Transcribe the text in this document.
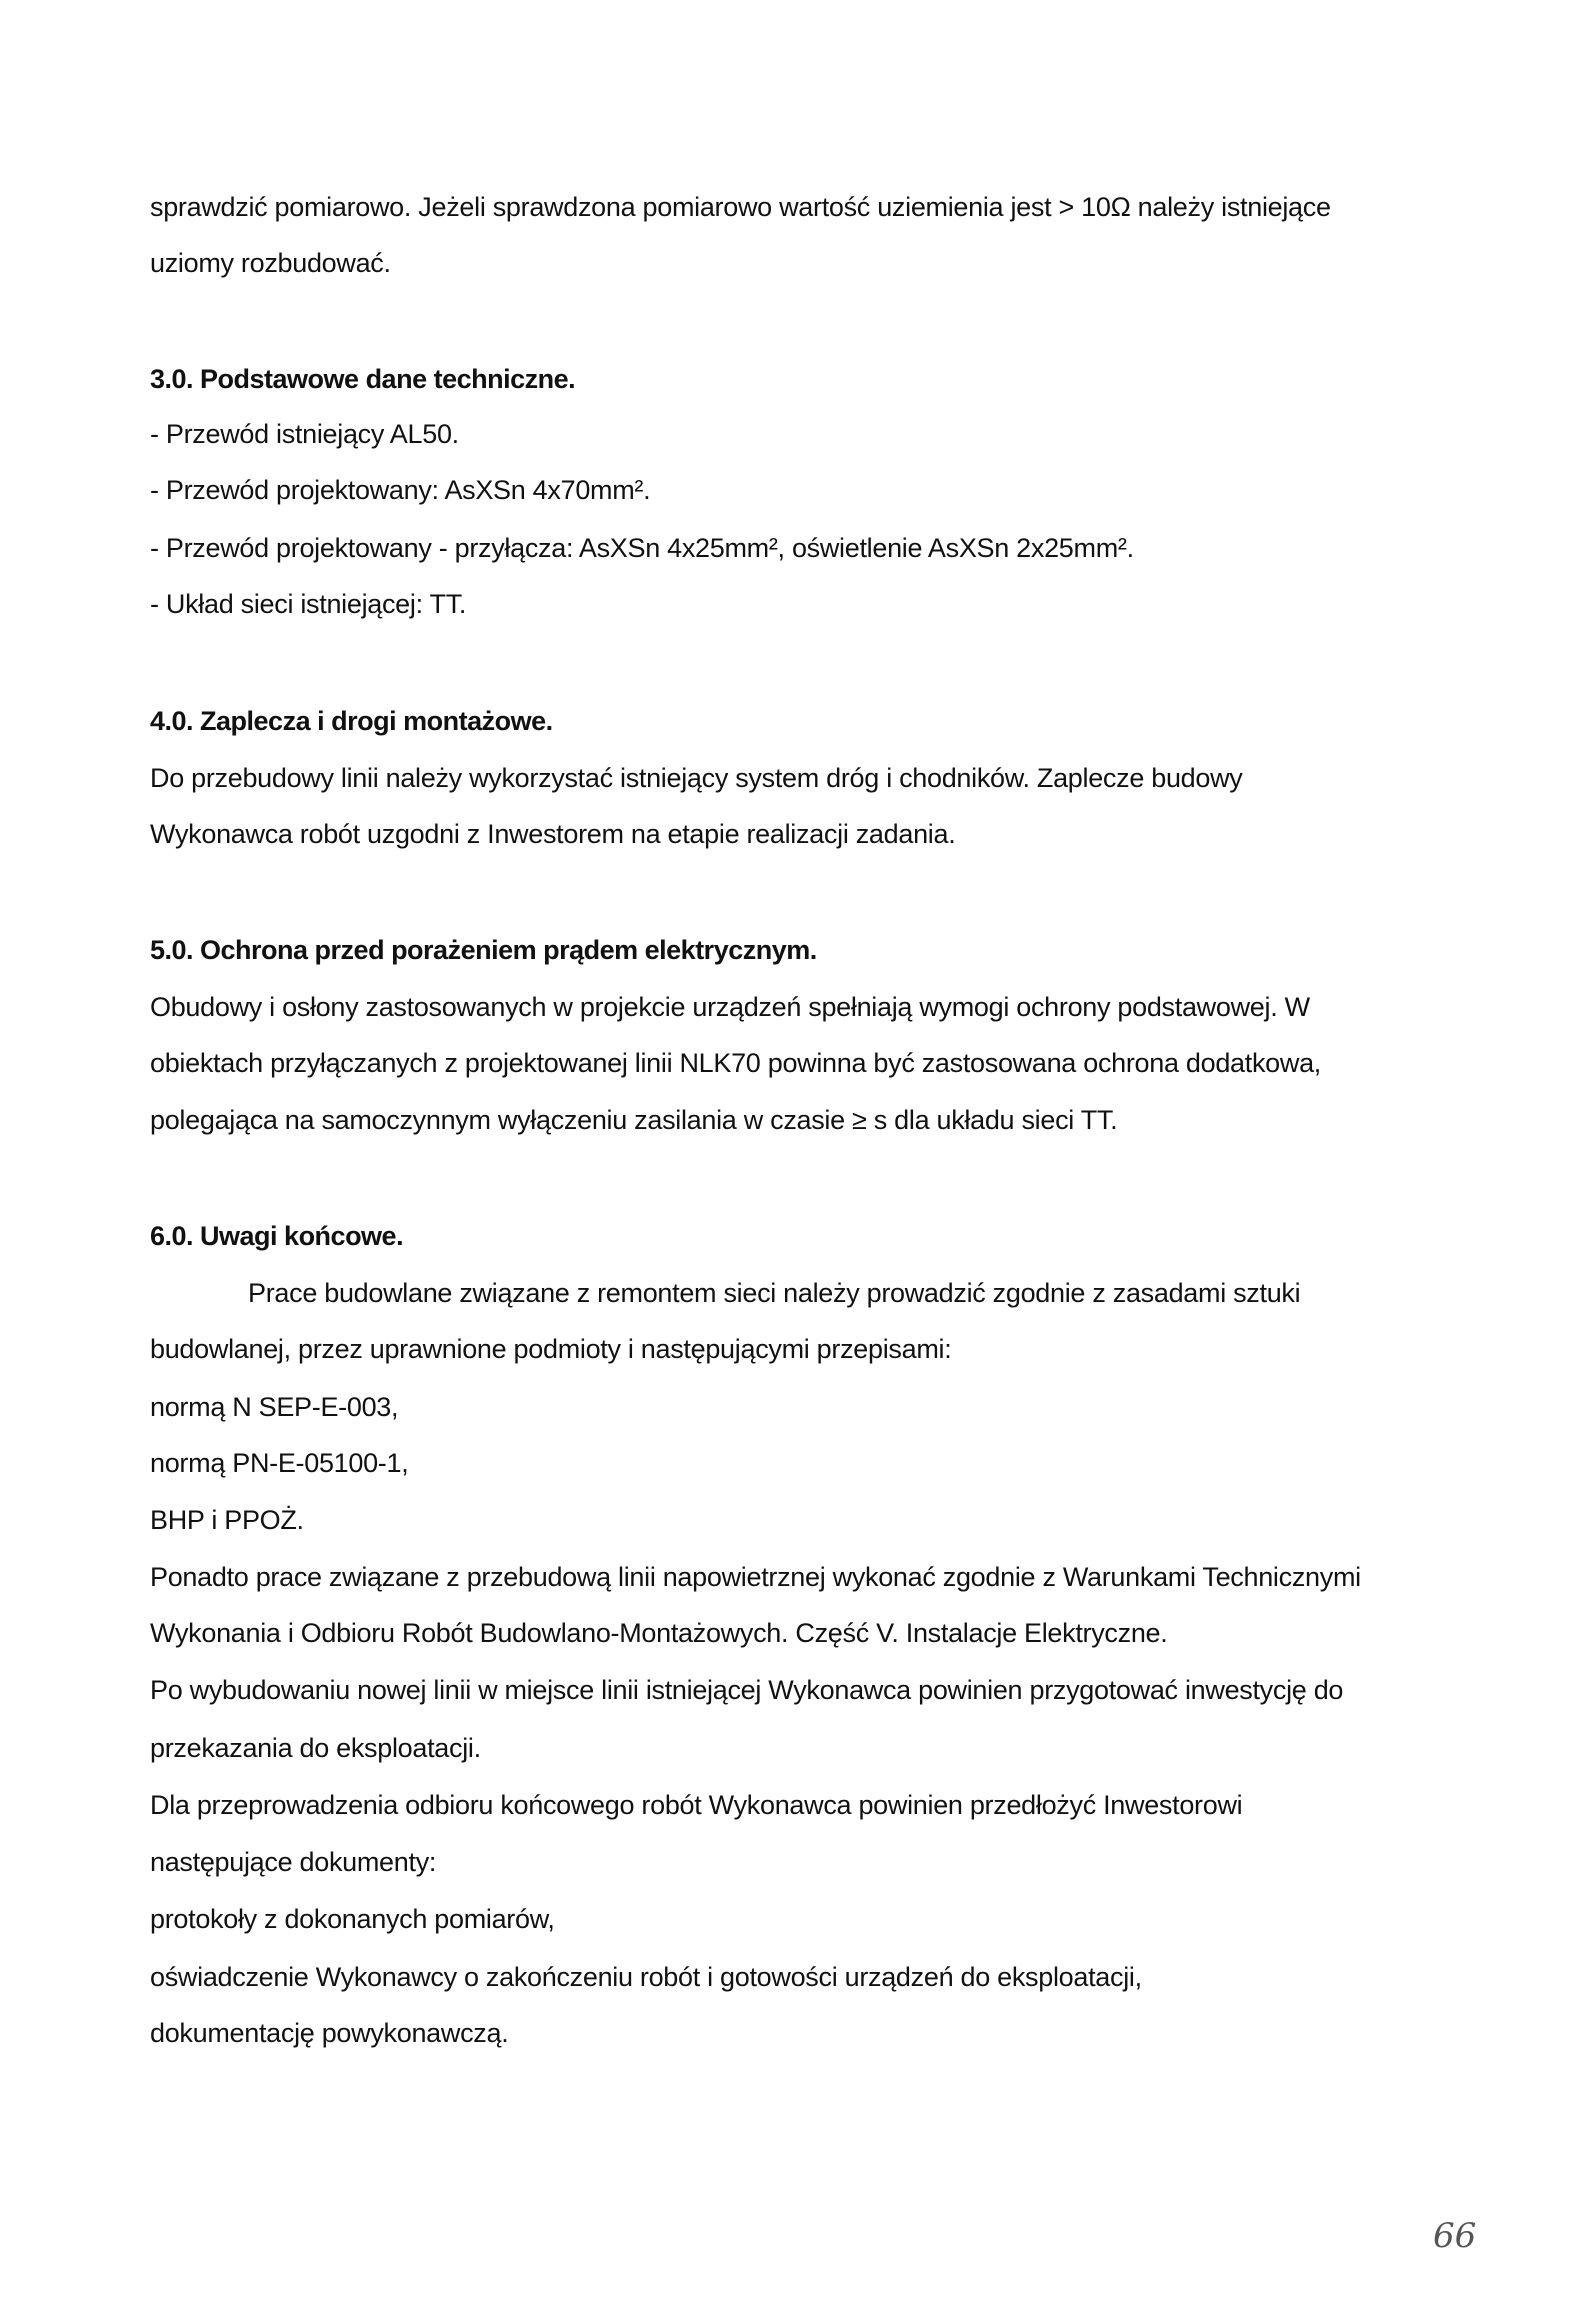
sprawdzić pomiarowo. Jeżeli sprawdzona pomiarowo wartość uziemienia jest > 10Ω należy istniejące

uziomy rozbudować.

3.0. Podstawowe dane techniczne.

- Przewód istniejący AL50.

- Przewód projektowany: AsXSn 4x70mm².

- Przewód projektowany - przyłącza: AsXSn 4x25mm², oświetlenie AsXSn 2x25mm².

- Układ sieci istniejącej: TT.

4.0. Zaplecza i drogi montażowe.

Do przebudowy linii należy wykorzystać istniejący system dróg i chodników. Zaplecze budowy

Wykonawca robót uzgodni z Inwestorem na etapie realizacji zadania.

5.0. Ochrona przed porażeniem prądem elektrycznym.

Obudowy i osłony zastosowanych w projekcie urządzeń spełniają wymogi ochrony podstawowej. W

obiektach przyłączanych z projektowanej linii NLK70 powinna być zastosowana ochrona dodatkowa,

polegająca na samoczynnym wyłączeniu zasilania w czasie ≥ s dla układu sieci TT.

6.0. Uwagi końcowe.

Prace budowlane związane z remontem sieci należy prowadzić zgodnie z zasadami sztuki

budowlanej, przez uprawnione podmioty i następującymi przepisami:

normą N SEP-E-003,

normą PN-E-05100-1,

BHP i PPOŻ.

Ponadto prace związane z przebudową linii napowietrznej wykonać zgodnie z Warunkami Technicznymi

Wykonania i Odbioru Robót Budowlano-Montażowych. Część V. Instalacje Elektryczne.

Po wybudowaniu nowej linii w miejsce linii istniejącej Wykonawca powinien przygotować inwestycję do

przekazania do eksploatacji.

Dla przeprowadzenia odbioru końcowego robót Wykonawca powinien przedłożyć Inwestorowi

następujące dokumenty:

protokoły z dokonanych pomiarów,

oświadczenie Wykonawcy o zakończeniu robót i gotowości urządzeń do eksploatacji,

dokumentację powykonawczą.

66
